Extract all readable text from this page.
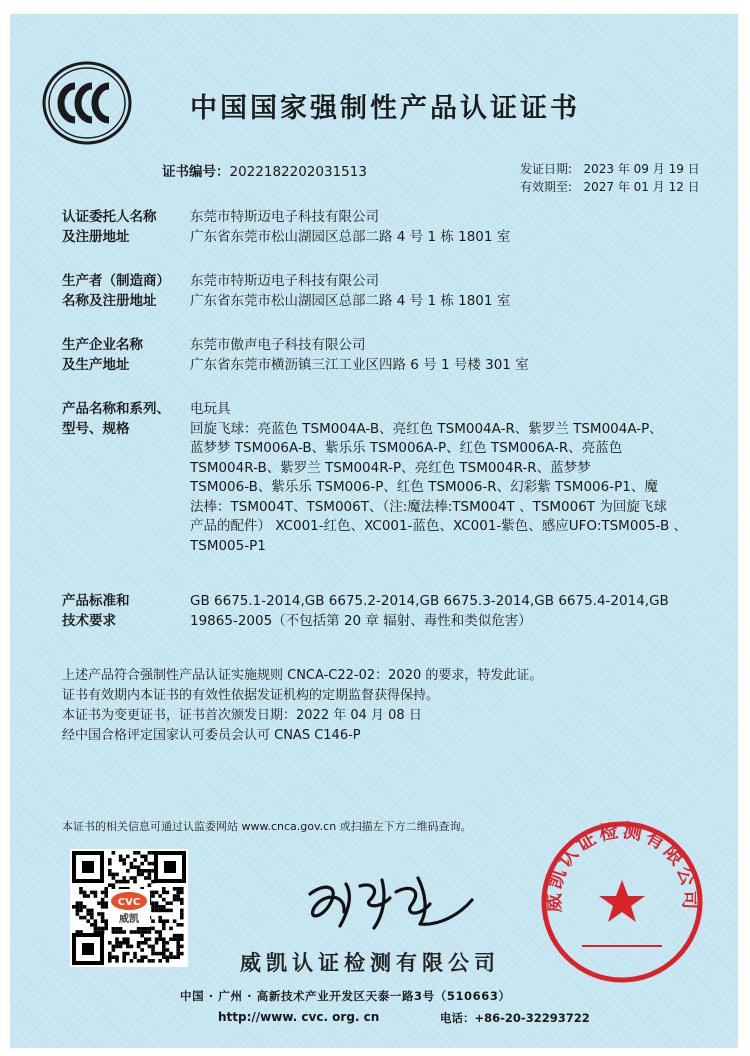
中国国家强制性产品认证证书
证书编号：2022182202031513	发证日期: 2023 年 09 月 19 日
有效期至: 2027 年 01 月 12 日
认证委托人名称
及注册地址
东莞市特斯迈电子科技有限公司
广东省东莞市松山湖园区总部二路 4 号 1 栋 1801 室
生产者（制造商）
名称及注册地址
东莞市特斯迈电子科技有限公司
广东省东莞市松山湖园区总部二路 4 号 1 栋 1801 室
生产企业名称
及生产地址
东莞市傲声电子科技有限公司
广东省东莞市横沥镇三江工业区四路 6 号 1 号楼 301 室
产品名称和系列、
型号、规格
电玩具
回旋飞球：亮蓝色 TSM004A-B、亮红色 TSM004A-R、紫罗兰 TSM004A-P、
蓝梦梦 TSM006A-B、紫乐乐 TSM006A-P、红色 TSM006A-R、亮蓝色
TSM004R-B、紫罗兰 TSM004R-P、亮红色 TSM004R-R、蓝梦梦
TSM006-B、紫乐乐 TSM006-P、红色 TSM006-R、幻彩紫 TSM006-P1、魔
法棒：TSM004T、TSM006T、（注:魔法棒:TSM004T 、TSM006T 为回旋飞球
产品的配件） XC001-红色、XC001-蓝色、XC001-紫色、感应UFO:TSM005-B 、
TSM005-P1
产品标准和
技术要求
GB 6675.1-2014,GB 6675.2-2014,GB 6675.3-2014,GB 6675.4-2014,GB
19865-2005（不包括第 20 章 辐射、毒性和类似危害）
上述产品符合强制性产品认证实施规则 CNCA-C22-02：2020 的要求，特发此证。
证书有效期内本证书的有效性依据发证机构的定期监督获得保持。
本证书为变更证书，证书首次颁发日期：2022 年 04 月 08 日
经中国合格评定国家认可委员会认可 CNAS C146-P
本证书的相关信息可通过认监委网站 www.cnca.gov.cn 或扫描左下方二维码查询。
CVC
威凯
威凯认证检测有限公司
中国 · 广州 · 高新技术产业开发区天泰一路3号（510663）
http://www. cvc. org. cn	电话：+86-20-32293722
威凯认证检测有限公司
